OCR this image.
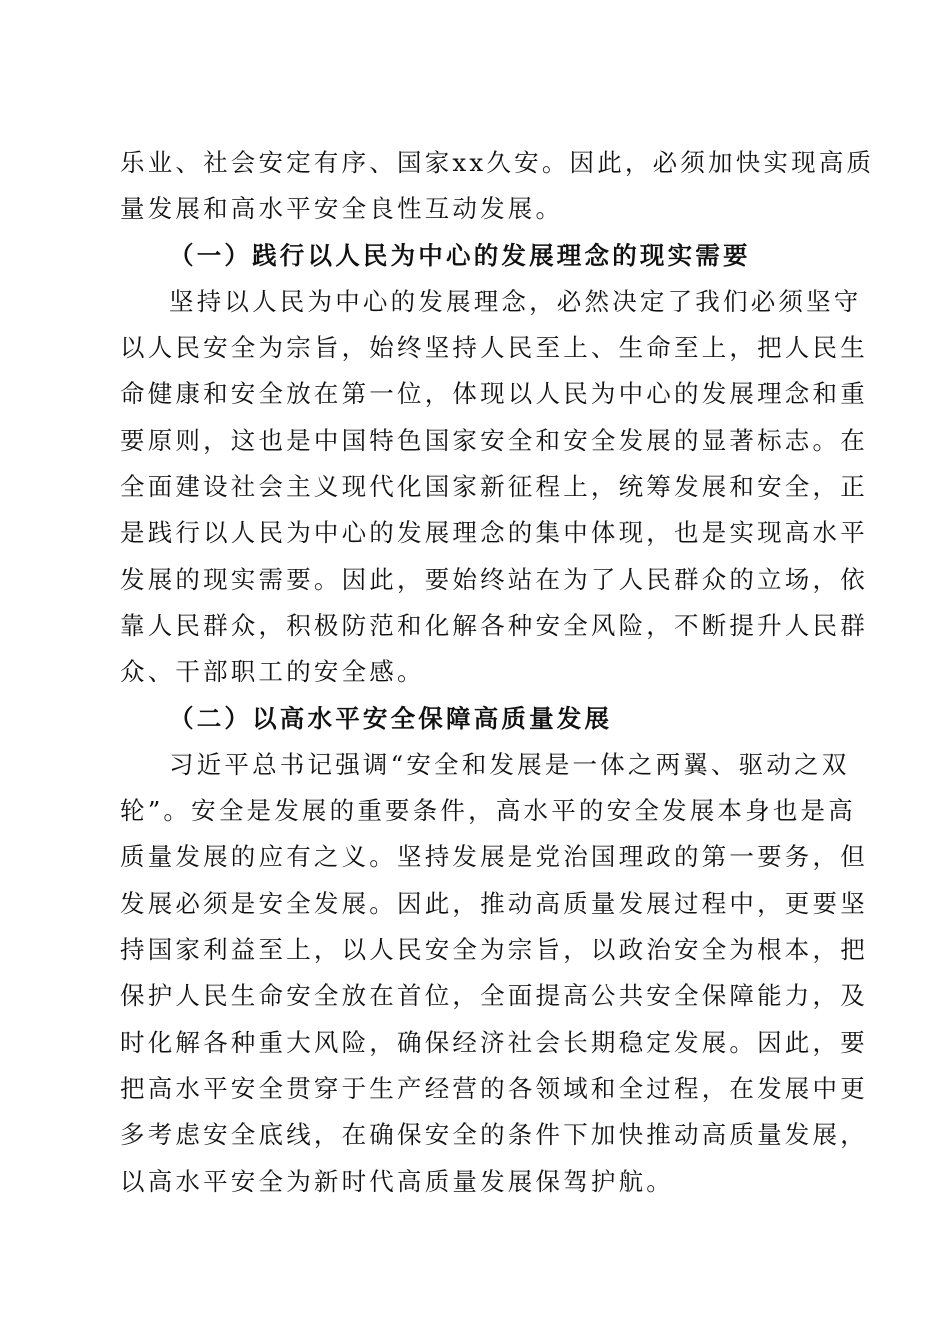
乐业、社会安定有序、国家xx久安。因此，必须加快实现高质
量发展和高水平安全良性互动发展。
（一）践行以人民为中心的发展理念的现实需要
坚持以人民为中心的发展理念，必然决定了我们必须坚守
以人民安全为宗旨，始终坚持人民至上、生命至上，把人民生
命健康和安全放在第一位，体现以人民为中心的发展理念和重
要原则，这也是中国特色国家安全和安全发展的显著标志。在
全面建设社会主义现代化国家新征程上，统筹发展和安全，正
是践行以人民为中心的发展理念的集中体现，也是实现高水平
发展的现实需要。因此，要始终站在为了人民群众的立场，依
靠人民群众，积极防范和化解各种安全风险，不断提升人民群
众、干部职工的安全感。
（二）以高水平安全保障高质量发展
习近平总书记强调“安全和发展是一体之两翼、驱动之双
轮”。安全是发展的重要条件，高水平的安全发展本身也是高
质量发展的应有之义。坚持发展是党治国理政的第一要务，但
发展必须是安全发展。因此，推动高质量发展过程中，更要坚
持国家利益至上，以人民安全为宗旨，以政治安全为根本，把
保护人民生命安全放在首位，全面提高公共安全保障能力，及
时化解各种重大风险，确保经济社会长期稳定发展。因此，要
把高水平安全贯穿于生产经营的各领域和全过程，在发展中更
多考虑安全底线，在确保安全的条件下加快推动高质量发展，
以高水平安全为新时代高质量发展保驾护航。
